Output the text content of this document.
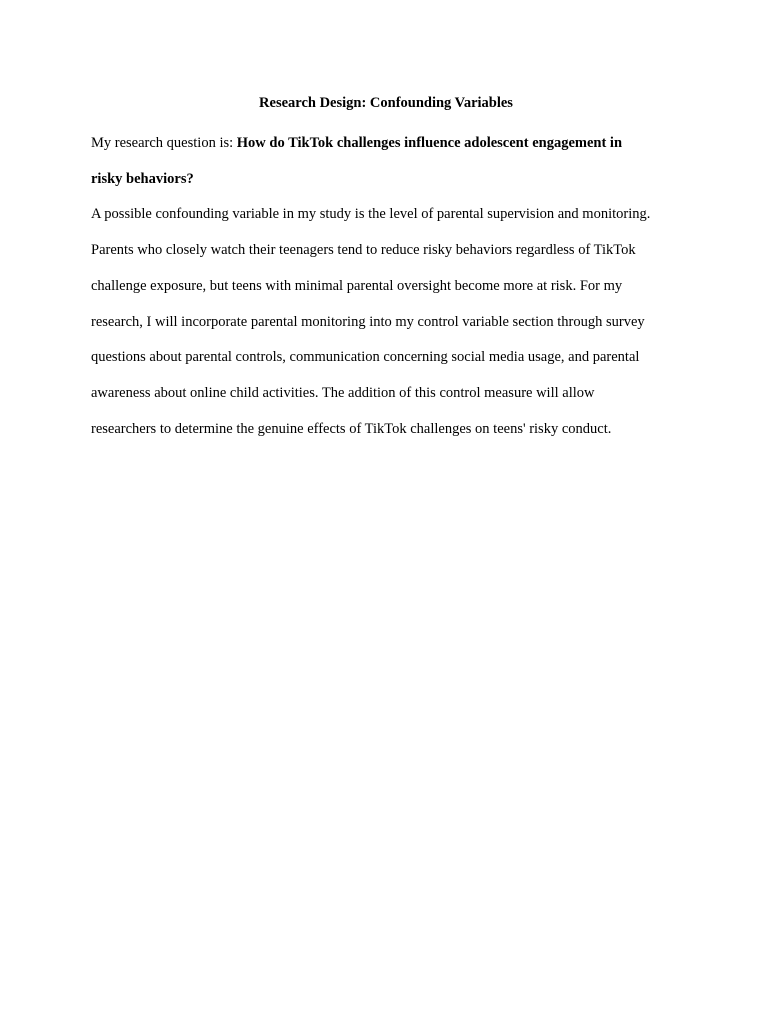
Research Design: Confounding Variables

My research question is: How do TikTok challenges influence adolescent engagement in
risky behaviors?

A possible confounding variable in my study is the level of parental supervision and monitoring.
Parents who closely watch their teenagers tend to reduce risky behaviors regardless of TikTok
challenge exposure, but teens with minimal parental oversight become more at risk. For my
research, I will incorporate parental monitoring into my control variable section through survey
questions about parental controls, communication concerning social media usage, and parental
awareness about online child activities. The addition of this control measure will allow
researchers to determine the genuine effects of TikTok challenges on teens' risky conduct.
